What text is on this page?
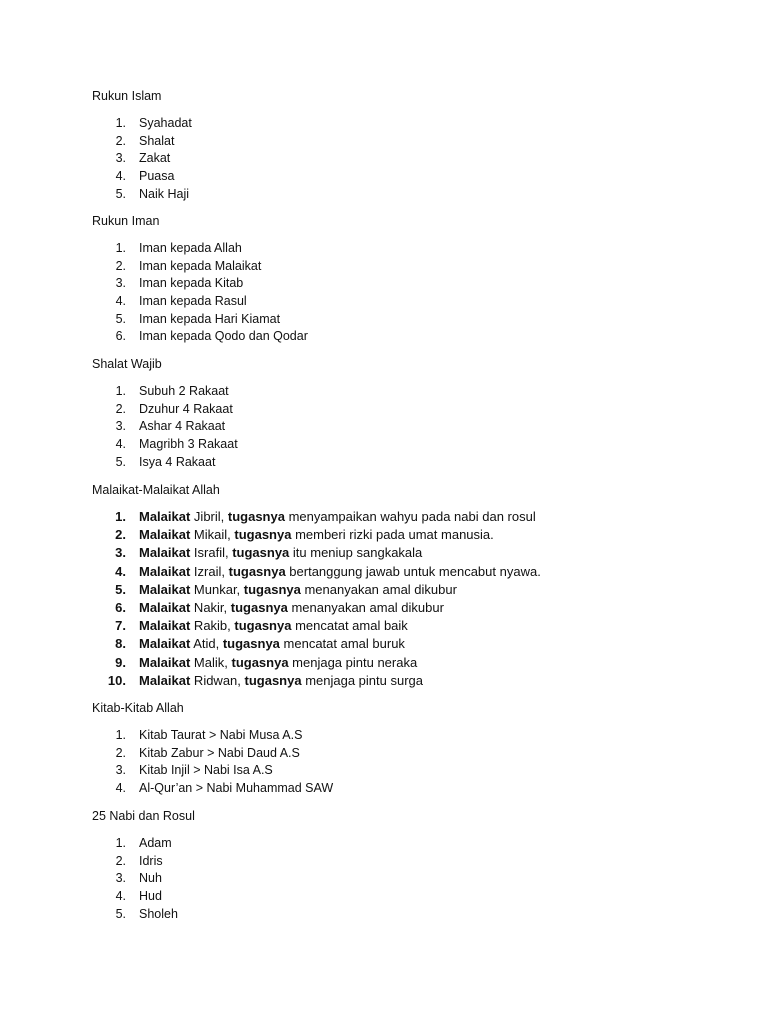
Rukun Islam
1. Syahadat
2. Shalat
3. Zakat
4. Puasa
5. Naik Haji
Rukun Iman
1. Iman kepada Allah
2. Iman kepada Malaikat
3. Iman kepada Kitab
4. Iman kepada Rasul
5. Iman kepada Hari Kiamat
6. Iman kepada Qodo dan Qodar
Shalat Wajib
1. Subuh 2 Rakaat
2. Dzuhur 4 Rakaat
3. Ashar 4 Rakaat
4. Magribh 3 Rakaat
5. Isya 4 Rakaat
Malaikat-Malaikat Allah
1. Malaikat Jibril, tugasnya menyampaikan wahyu pada nabi dan rosul
2. Malaikat Mikail, tugasnya memberi rizki pada umat manusia.
3. Malaikat Israfil, tugasnya itu meniup sangkakala
4. Malaikat Izrail, tugasnya bertanggung jawab untuk mencabut nyawa.
5. Malaikat Munkar, tugasnya menanyakan amal dikubur
6. Malaikat Nakir, tugasnya menanyakan amal dikubur
7. Malaikat Rakib, tugasnya mencatat amal baik
8. Malaikat Atid, tugasnya mencatat amal buruk
9. Malaikat Malik, tugasnya menjaga pintu neraka
10. Malaikat Ridwan, tugasnya menjaga pintu surga
Kitab-Kitab Allah
1. Kitab Taurat > Nabi Musa A.S
2. Kitab Zabur > Nabi Daud A.S
3. Kitab Injil > Nabi Isa A.S
4. Al-Qur’an > Nabi Muhammad SAW
25 Nabi dan Rosul
1. Adam
2. Idris
3. Nuh
4. Hud
5. Sholeh
